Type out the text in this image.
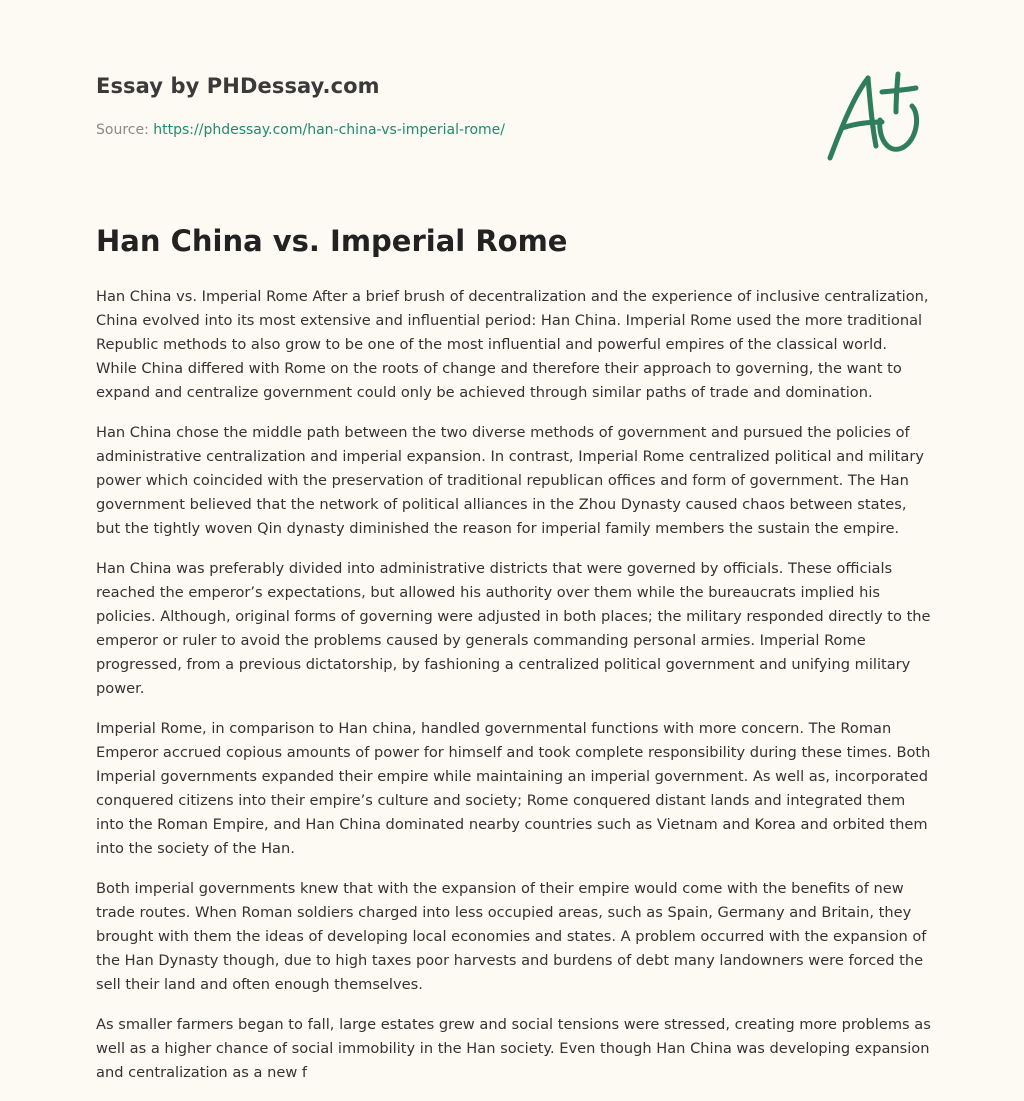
Essay by PHDessay.com
Source: https://phdessay.com/han-china-vs-imperial-rome/
Han China vs. Imperial Rome

Han China vs. Imperial Rome After a brief brush of decentralization and the experience of inclusive centralization, China evolved into its most extensive and influential period: Han China. Imperial Rome used the more traditional Republic methods to also grow to be one of the most influential and powerful empires of the classical world. While China differed with Rome on the roots of change and therefore their approach to governing, the want to expand and centralize government could only be achieved through similar paths of trade and domination.

Han China chose the middle path between the two diverse methods of government and pursued the policies of administrative centralization and imperial expansion. In contrast, Imperial Rome centralized political and military power which coincided with the preservation of traditional republican offices and form of government. The Han government believed that the network of political alliances in the Zhou Dynasty caused chaos between states, but the tightly woven Qin dynasty diminished the reason for imperial family members the sustain the empire.

Han China was preferably divided into administrative districts that were governed by officials. These officials reached the emperor’s expectations, but allowed his authority over them while the bureaucrats implied his policies. Although, original forms of governing were adjusted in both places; the military responded directly to the emperor or ruler to avoid the problems caused by generals commanding personal armies. Imperial Rome progressed, from a previous dictatorship, by fashioning a centralized political government and unifying military power.

Imperial Rome, in comparison to Han china, handled governmental functions with more concern. The Roman Emperor accrued copious amounts of power for himself and took complete responsibility during these times. Both Imperial governments expanded their empire while maintaining an imperial government. As well as, incorporated conquered citizens into their empire’s culture and society; Rome conquered distant lands and integrated them into the Roman Empire, and Han China dominated nearby countries such as Vietnam and Korea and orbited them into the society of the Han.

Both imperial governments knew that with the expansion of their empire would come with the benefits of new trade routes. When Roman soldiers charged into less occupied areas, such as Spain, Germany and Britain, they brought with them the ideas of developing local economies and states. A problem occurred with the expansion of the Han Dynasty though, due to high taxes poor harvests and burdens of debt many landowners were forced the sell their land and often enough themselves.

As smaller farmers began to fall, large estates grew and social tensions were stressed, creating more problems as well as a higher chance of social immobility in the Han society. Even though Han China was developing expansion and centralization as a new f
